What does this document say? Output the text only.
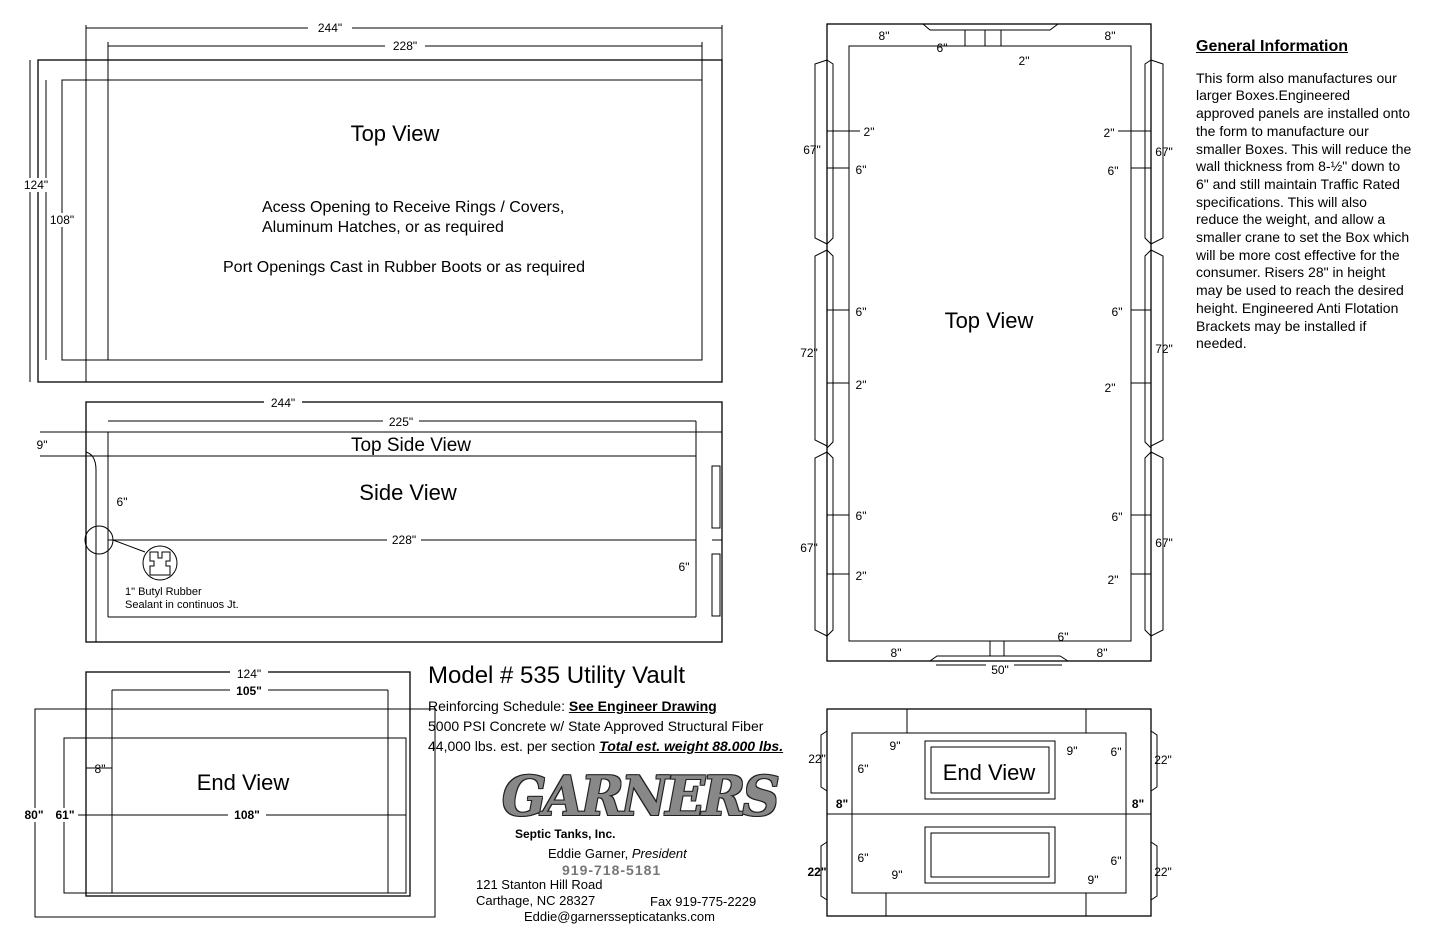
244"
228"
124"
108"
Top View
Acess Opening to Receive Rings / Covers,
Aluminum Hatches, or as required
Port Openings Cast in Rubber Boots or as required
244"
225"
9"
6"
228"
6"
Top Side View
Side View
1" Butyl Rubber
Sealant in continuos Jt.
124"
105"
8"
108"
80" 61"
End View
8"	8"
6"
2"
67"	67"
2"	2"
6"	6"
72"	72"
6"	6"
2"	2"
67"	67"
6"	6"
2"	2"
8"	8"
6"
50"
Top View
22"	22"
22"	22"
6"
6"
6"	6"
8"	8"
9"	9"
9"	9"
End View
General Information

This form also manufactures our larger Boxes.Engineered approved panels are installed onto the form to manufacture our smaller Boxes. This will reduce the wall thickness from 8-½" down to 6" and still maintain Traffic Rated specifications. This will also reduce the weight, and allow a smaller crane to set the Box which will be more cost effective for the consumer. Risers 28" in height may be used to reach the desired height. Engineered Anti Flotation Brackets may be installed if needed.

Model # 535 Utility Vault
Reinforcing Schedule: See Engineer Drawing
5000 PSI Concrete w/ State Approved Structural Fiber
44,000 lbs. est. per section Total est. weight 88.000 lbs.
GARNERS
Septic Tanks, Inc.
Eddie Garner, President
919-718-5181
121 Stanton Hill Road
Carthage, NC 28327	Fax 919-775-2229
Eddie@garnerssepticatanks.com
